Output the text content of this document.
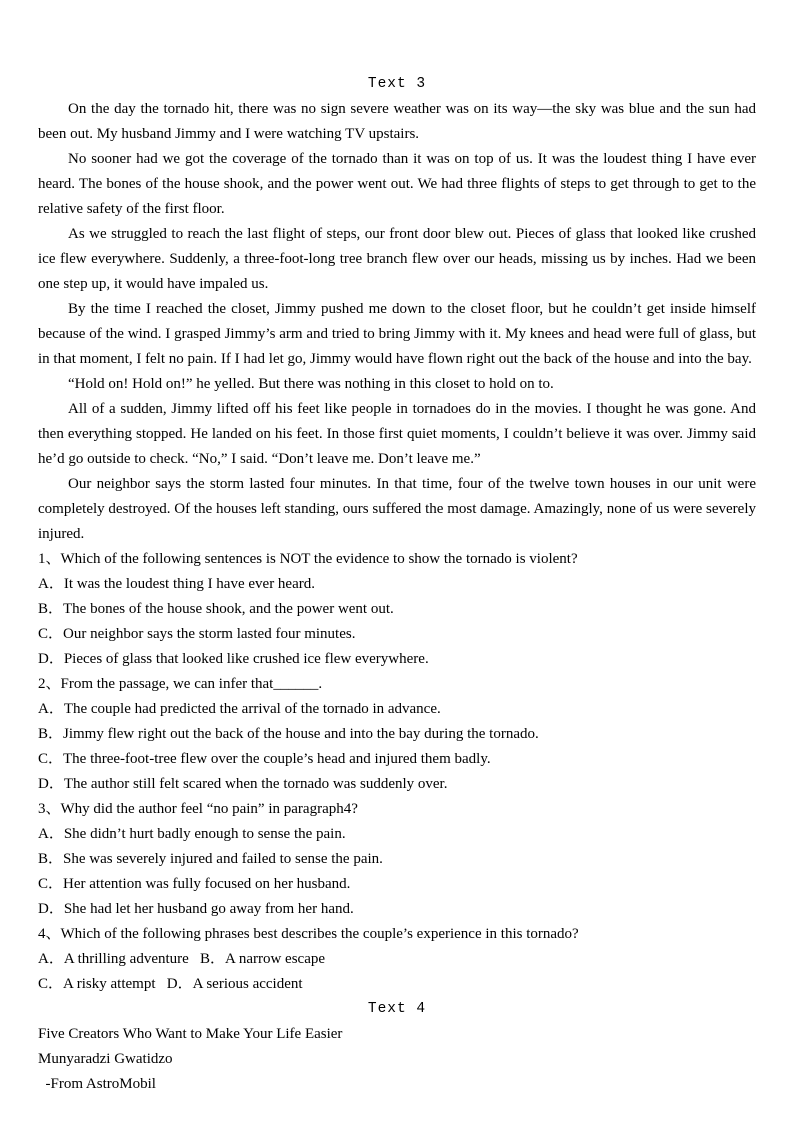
Text 3

On the day the tornado hit, there was no sign severe weather was on its way—the sky was blue and the sun had been out. My husband Jimmy and I were watching TV upstairs.

No sooner had we got the coverage of the tornado than it was on top of us. It was the loudest thing I have ever heard. The bones of the house shook, and the power went out. We had three flights of steps to get through to get to the relative safety of the first floor.

As we struggled to reach the last flight of steps, our front door blew out. Pieces of glass that looked like crushed ice flew everywhere. Suddenly, a three-foot-long tree branch flew over our heads, missing us by inches. Had we been one step up, it would have impaled us.

By the time I reached the closet, Jimmy pushed me down to the closet floor, but he couldn’t get inside himself because of the wind. I grasped Jimmy’s arm and tried to bring Jimmy with it. My knees and head were full of glass, but in that moment, I felt no pain. If I had let go, Jimmy would have flown right out the back of the house and into the bay.

“Hold on! Hold on!” he yelled. But there was nothing in this closet to hold on to.

All of a sudden, Jimmy lifted off his feet like people in tornadoes do in the movies. I thought he was gone. And then everything stopped. He landed on his feet. In those first quiet moments, I couldn’t believe it was over. Jimmy said he’d go outside to check. “No,” I said. “Don’t leave me. Don’t leave me.”

Our neighbor says the storm lasted four minutes. In that time, four of the twelve town houses in our unit were completely destroyed. Of the houses left standing, ours suffered the most damage. Amazingly, none of us were severely injured.

1、Which of the following sentences is NOT the evidence to show the tornado is violent?
A．It was the loudest thing I have ever heard.
B．The bones of the house shook, and the power went out.
C．Our neighbor says the storm lasted four minutes.
D．Pieces of glass that looked like crushed ice flew everywhere.
2、From the passage, we can infer that______.
A．The couple had predicted the arrival of the tornado in advance.
B．Jimmy flew right out the back of the house and into the bay during the tornado.
C．The three-foot-tree flew over the couple’s head and injured them badly.
D．The author still felt scared when the tornado was suddenly over.
3、Why did the author feel “no pain” in paragraph4?
A．She didn’t hurt badly enough to sense the pain.
B．She was severely injured and failed to sense the pain.
C．Her attention was fully focused on her husband.
D．She had let her husband go away from her hand.
4、Which of the following phrases best describes the couple’s experience in this tornado?
A．A thrilling adventure   B．A narrow escape
C．A risky attempt   D．A serious accident
Text 4
Five Creators Who Want to Make Your Life Easier
Munyaradzi Gwatidzo
-From AstroMobil
